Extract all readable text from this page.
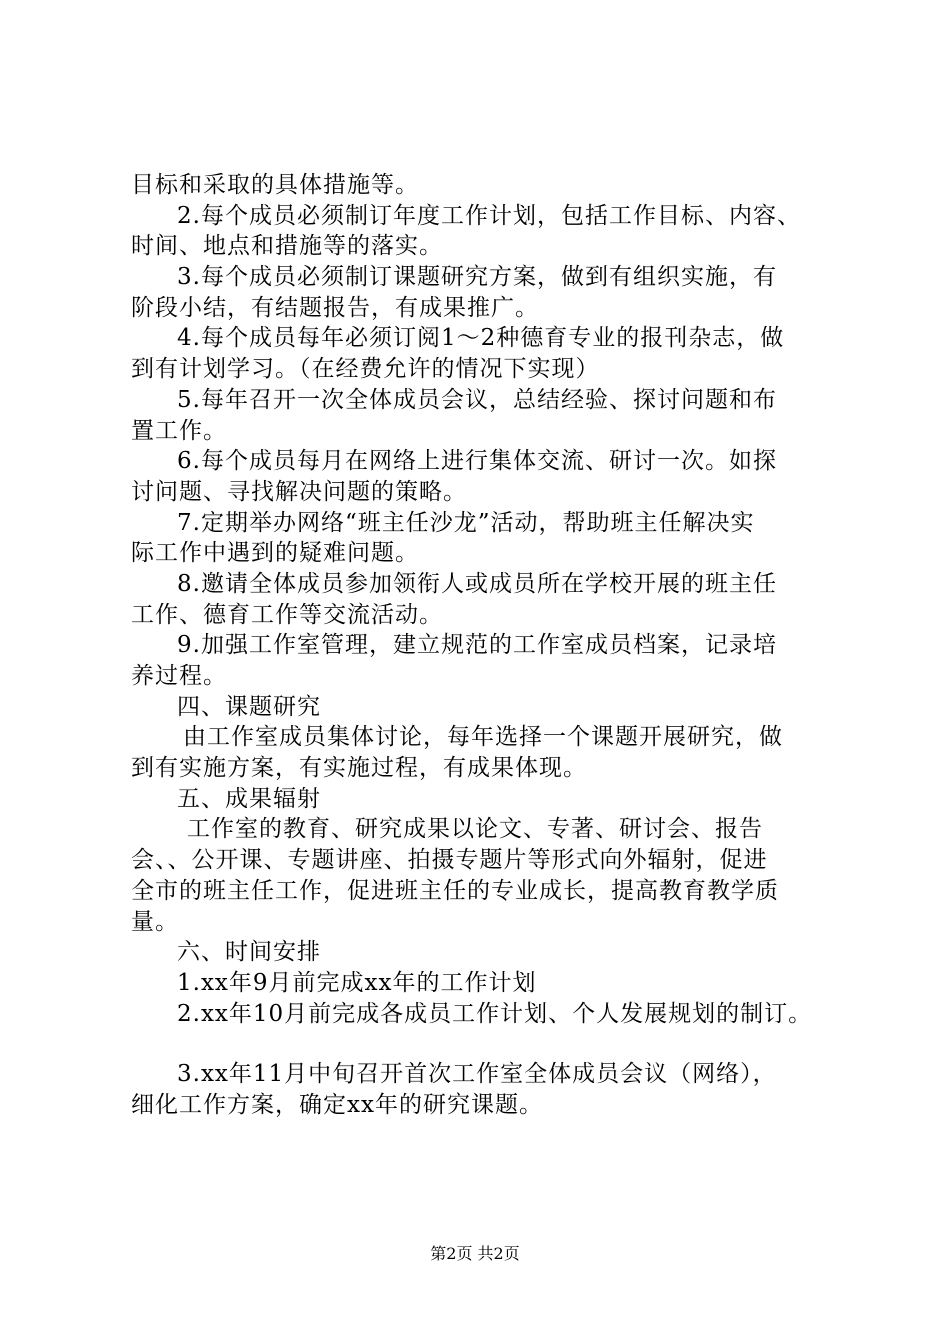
目标和采取的具体措施等。
2.每个成员必须制订年度工作计划，包括工作目标、内容、
时间、地点和措施等的落实。
3.每个成员必须制订课题研究方案，做到有组织实施，有
阶段小结，有结题报告，有成果推广。
4.每个成员每年必须订阅1～2种德育专业的报刊杂志，做
到有计划学习。（在经费允许的情况下实现）
5.每年召开一次全体成员会议，总结经验、探讨问题和布
置工作。
6.每个成员每月在网络上进行集体交流、研讨一次。如探
讨问题、寻找解决问题的策略。
7.定期举办网络“班主任沙龙”活动，帮助班主任解决实
际工作中遇到的疑难问题。
8.邀请全体成员参加领衔人或成员所在学校开展的班主任
工作、德育工作等交流活动。
9.加强工作室管理，建立规范的工作室成员档案，记录培
养过程。
四、课题研究
由工作室成员集体讨论，每年选择一个课题开展研究，做
到有实施方案，有实施过程，有成果体现。
五、成果辐射
工作室的教育、研究成果以论文、专著、研讨会、报告
会、、公开课、专题讲座、拍摄专题片等形式向外辐射，促进
全市的班主任工作，促进班主任的专业成长，提高教育教学质
量。
六、时间安排
1.xx年9月前完成xx年的工作计划
2.xx年10月前完成各成员工作计划、个人发展规划的制订。
3.xx年11月中旬召开首次工作室全体成员会议（网络），
细化工作方案，确定xx年的研究课题。
第2页 共2页
